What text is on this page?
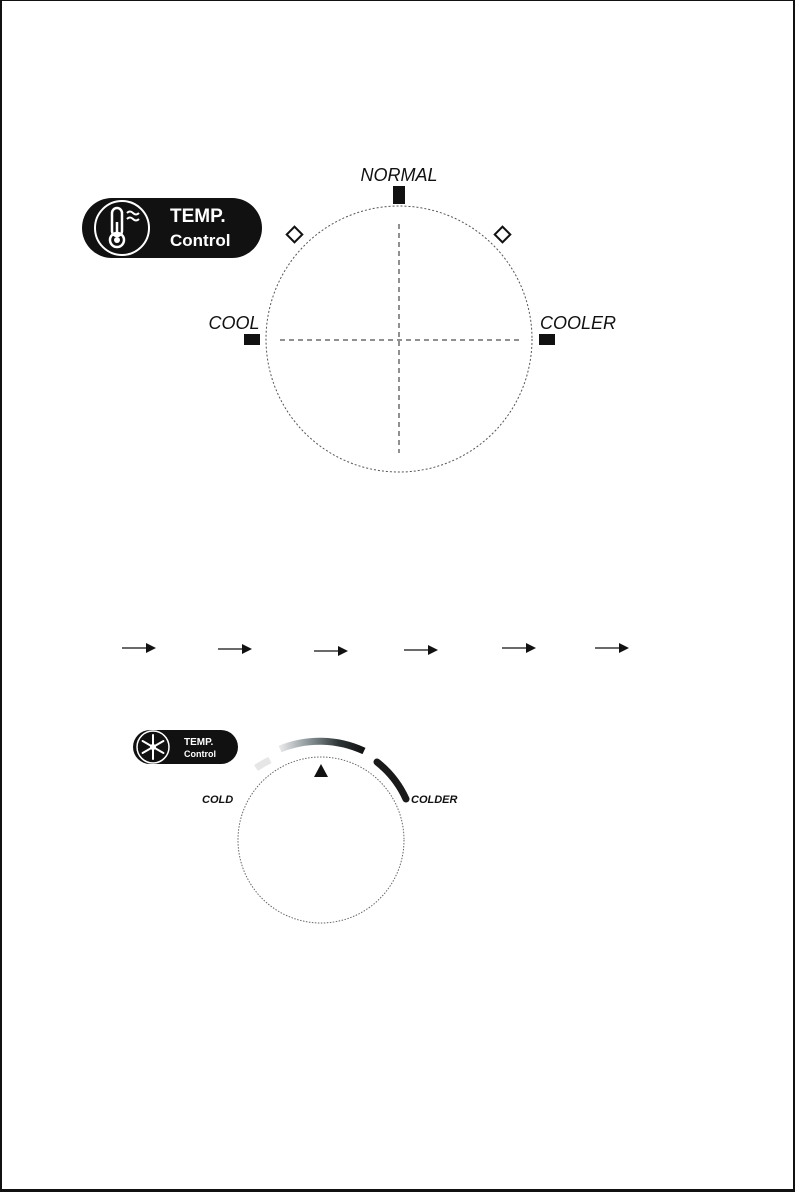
TEMP.
Control
NORMAL
COOL	COOLER
TEMP.
Control
COLD	COLDER
